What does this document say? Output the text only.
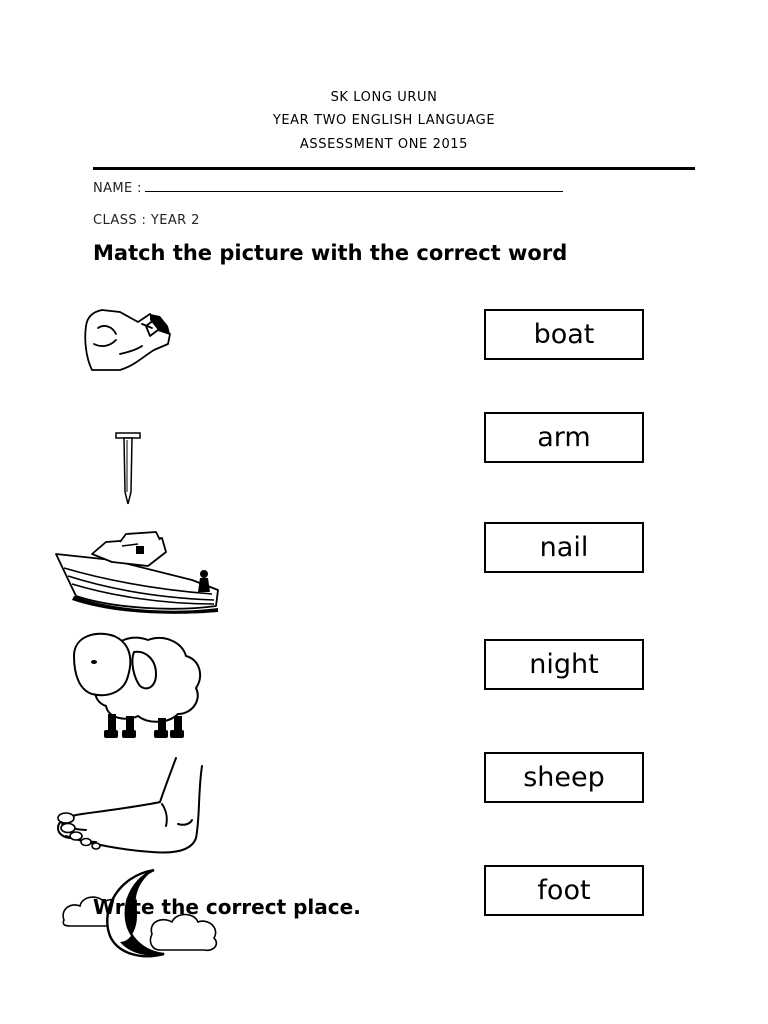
SK LONG URUN
YEAR TWO ENGLISH LANGUAGE
ASSESSMENT ONE 2015
NAME :
CLASS : YEAR 2
Match the picture with the correct word
Write the correct place.
boat
arm
nail
night
sheep
foot
